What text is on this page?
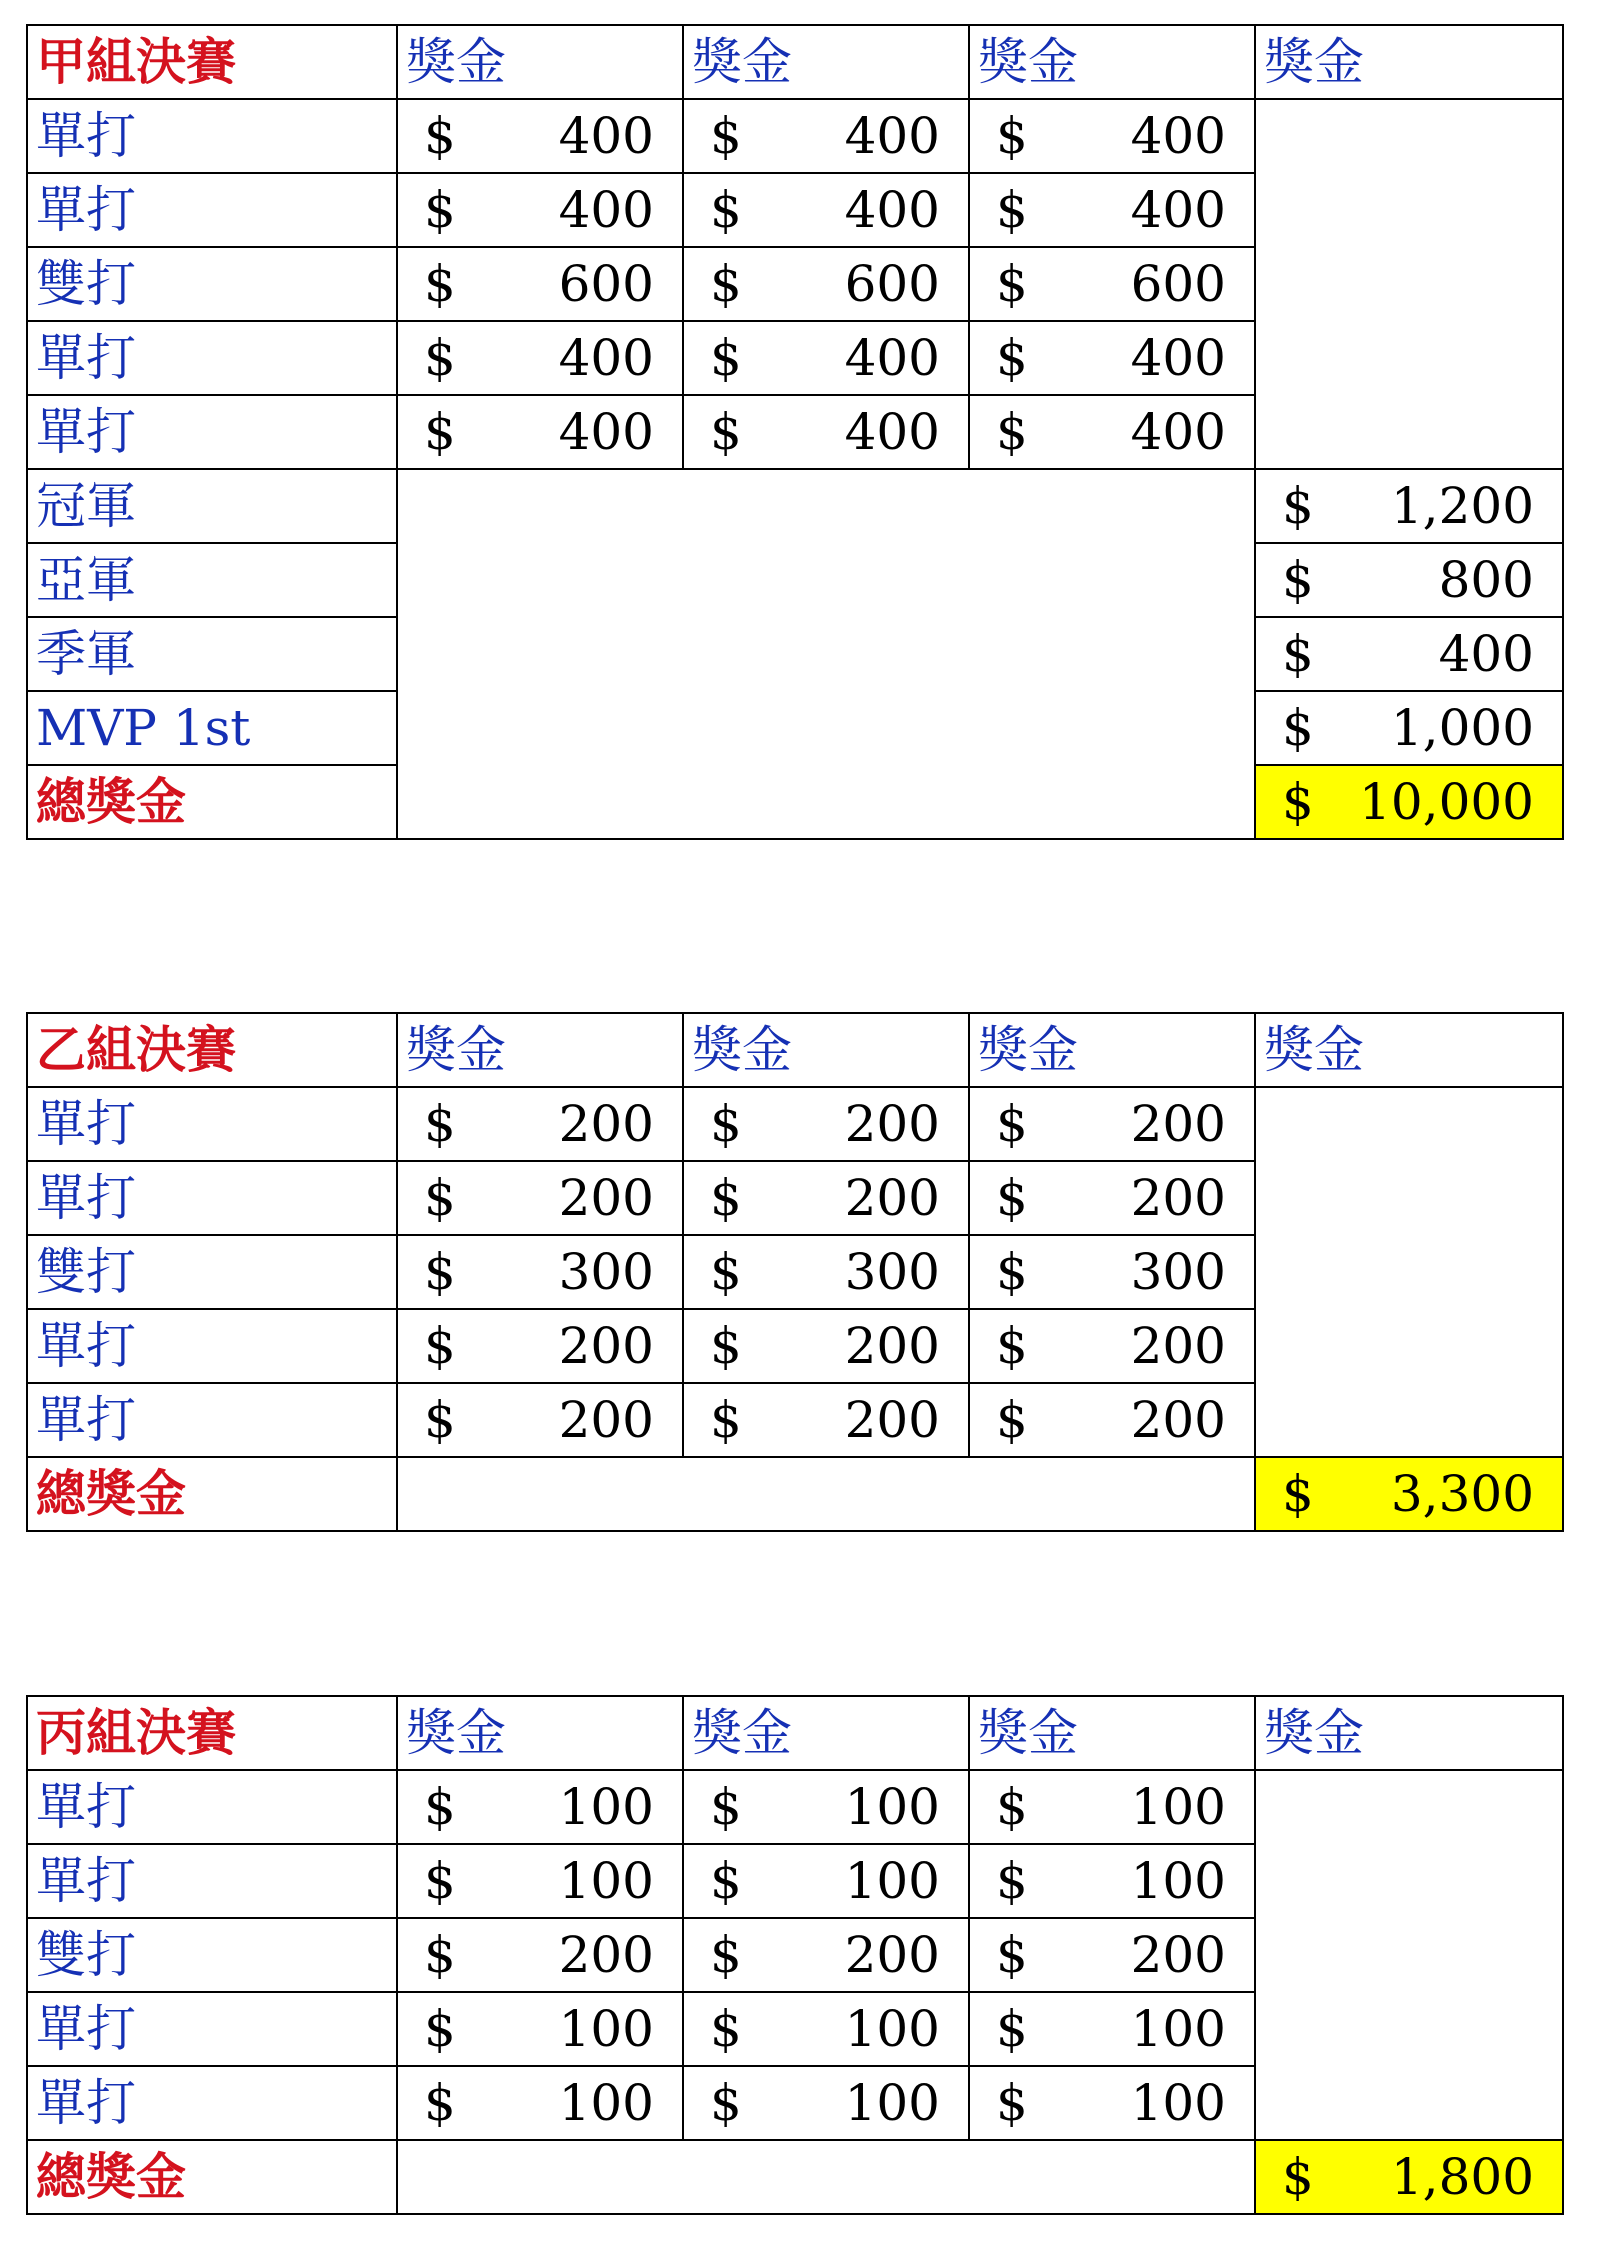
甲組決賽	獎金	獎金	獎金	獎金
單打	$ 400	$ 400	$ 400	

單打	$ 400	$ 400	$ 400	

雙打	$ 600	$ 600	$ 600	

單打	$ 400	$ 400	$ 400	

單打	$ 400	$ 400	$ 400	

冠軍				$ 1,200

亞軍				$ 800

季軍				$ 400

MVP 1st				$ 1,000

總獎金				$ 10,000
乙組決賽	獎金	獎金	獎金	獎金
單打	$ 200	$ 200	$ 200	

單打	$ 200	$ 200	$ 200	

雙打	$ 300	$ 300	$ 300	

單打	$ 200	$ 200	$ 200	

單打	$ 200	$ 200	$ 200	

總獎金				$ 3,300
丙組決賽	獎金	獎金	獎金	獎金
單打	$ 100	$ 100	$ 100	

單打	$ 100	$ 100	$ 100	

雙打	$ 200	$ 200	$ 200	

單打	$ 100	$ 100	$ 100	

單打	$ 100	$ 100	$ 100	

總獎金				$ 1,800
